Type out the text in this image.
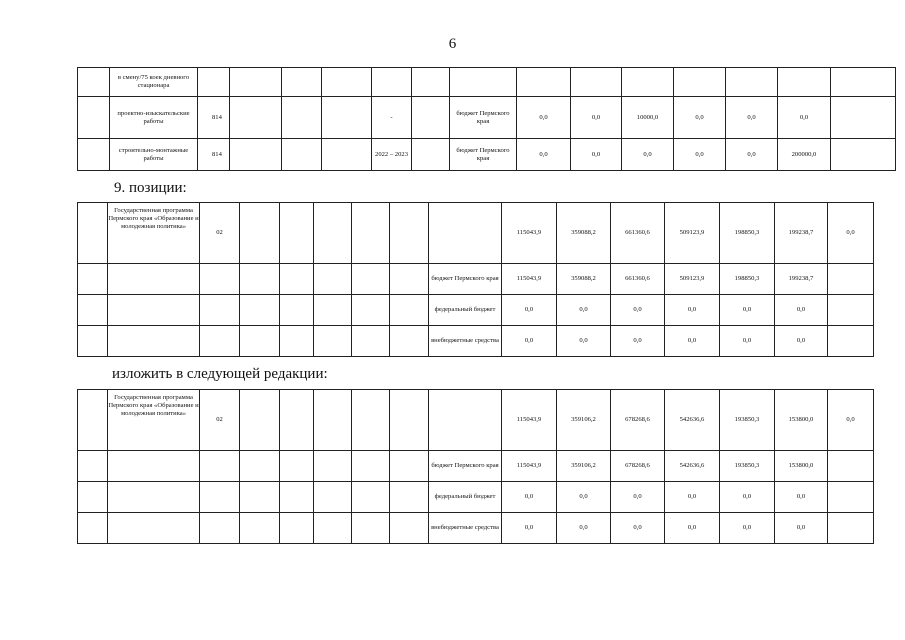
6
	в смену/75 коек дневного стационара														
	проектно-изыскательские работы	814				-		бюджет Пермского края	0,0	0,0	10000,0	0,0	0,0	0,0	
	строительно-монтажные работы	814				2022 – 2023		бюджет Пермского края	0,0	0,0	0,0	0,0	0,0	200000,0	
9. позиции:
	Государственная программа Пермского края «Образование и молодежная политика»	02							115043,9	359088,2	661360,6	509123,9	198850,3	199238,7	0,0
								бюджет Пермского края	115043,9	359088,2	661360,6	509123,9	198850,3	199238,7	
								федеральный бюджет	0,0	0,0	0,0	0,0	0,0	0,0	
								внебюджетные средства	0,0	0,0	0,0	0,0	0,0	0,0	
изложить в следующей редакции:
	Государственная программа Пермского края «Образование и молодежная политика»	02							115043,9	359106,2	678268,6	542636,6	193850,3	153800,0	0,0
								бюджет Пермского края	115043,9	359106,2	678268,6	542636,6	193850,3	153800,0	
								федеральный бюджет	0,0	0,0	0,0	0,0	0,0	0,0	
								внебюджетные средства	0,0	0,0	0,0	0,0	0,0	0,0	
